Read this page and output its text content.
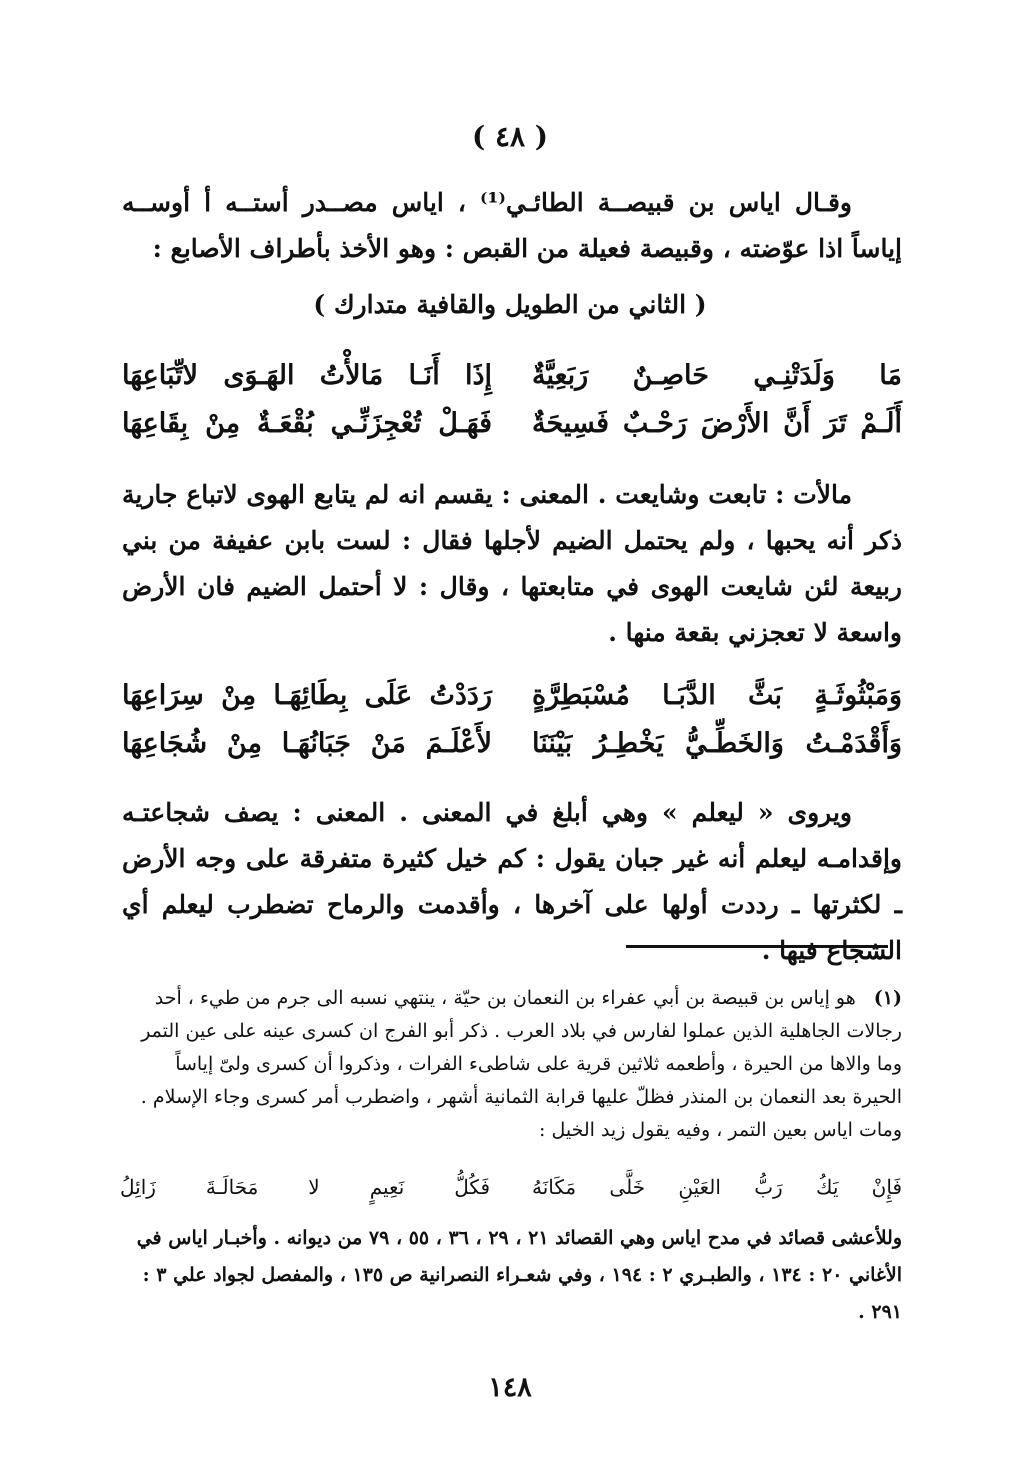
( ٤٨ )
وقـال اياس بن قبيصــة الطائـي⁽¹⁾ ، اياس مصــدر أستــه أ أوســه إياساً اذا عوّضته ، وقبيصة فعيلة من القبص : وهو الأخذ بأطراف الأصابع :
( الثاني من الطويل والقافية متدارك )
مَا وَلَدَتْنِـي حَاصِـنٌ رَبَعِيَّةٌ
إِذَا أَنَـا مَالأْتُ الهَـوَى لاتِّبَاعِهَا
أَلَـمْ تَرَ أَنَّ الأَرْضَ رَحْـبٌ فَسِيحَةٌ
فَهَـلْ تُعْجِزَنِّـي بُقْعَـةٌ مِنْ بِقَاعِهَا
مالأت : تابعت وشايعت . المعنى : يقسم انه لم يتابع الهوى لاتباع جارية ذكر أنه يحبها ، ولم يحتمل الضيم لأجلها فقال : لست بابن عفيفة من بني ربيعة لئن شايعت الهوى في متابعتها ، وقال : لا أحتمل الضيم فان الأرض واسعة لا تعجزني بقعة منها .
وَمَبْثُوثَـةٍ بَثَّ الدَّبَـا مُسْبَطِرَّةٍ
رَدَدْتُ عَلَى بِطَائِهَـا مِنْ سِرَاعِهَا
وَأَقْدَمْـتُ وَالخَطِّـيُّ يَخْطِـرُ بَيْنَنَا
لأَعْلَـمَ مَنْ جَبَانُهَـا مِنْ شُجَاعِهَا
ويروى « ليعلم » وهي أبلغ في المعنى . المعنى : يصف شجاعتـه وإقدامـه ليعلم أنه غير جبان يقول : كم خيل كثيرة متفرقة على وجه الأرض ـ لكثرتها ـ رددت أولها على آخرها ، وأقدمت والرماح تضطرب ليعلم أي الشجاع فيها .
(١) هو إياس بن قبيصة بن أبي عفراء بن النعمان بن حيّة ، ينتهي نسبه الى جرم من طيء ، أحد رجالات الجاهلية الذين عملوا لفارس في بلاد العرب . ذكر أبو الفرج ان كسرى عينه على عين التمر وما والاها من الحيرة ، وأطعمه ثلاثين قرية على شاطىء الفرات ، وذكروا أن كسرى ولىّ إياساً الحيرة بعد النعمان بن المنذر فظلّ عليها قرابة الثمانية أشهر ، واضطرب أمر كسرى وجاء الإسلام . ومات اياس بعين التمر ، وفيه يقول زيد الخيل :
فَإِنْ يَكُ رَبُّ العَيْنِ خَلَّى مَكَانَهُ
فَكُلُّ نَعِيمٍ لا مَحَالَـةَ زَائِلُ
وللأعشى قصائد في مدح اياس وهي القصائد ٢١ ، ٢٩ ، ٣٦ ، ٥٥ ، ٧٩ من ديوانه . وأخبـار اياس في الأغاني ٢٠ : ١٣٤ ، والطبـري ٢ : ١٩٤ ، وفي شعـراء النصرانية ص ١٣٥ ، والمفصل لجواد علي ٣ : ٢٩١ .
١٤٨
